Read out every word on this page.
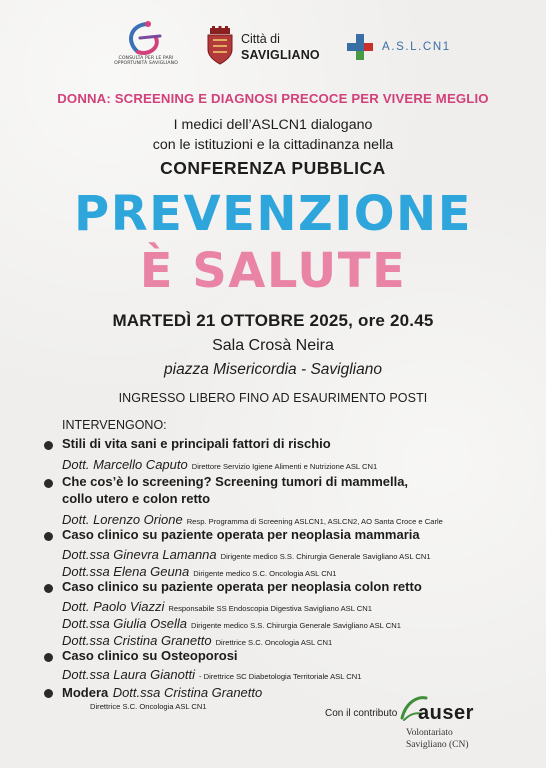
CONSULTA PER LE PARI OPPORTUNITÀ SAVIGLIANO
Città di
SAVIGLIANO
A.S.L.CN1
DONNA: SCREENING E DIAGNOSI PRECOCE PER VIVERE MEGLIO
I medici dell’ASLCN1 dialogano
con le istituzioni e la cittadinanza nella
CONFERENZA PUBBLICA
PREVENZIONE
È SALUTE
MARTEDÌ 21 OTTOBRE 2025, ore 20.45
Sala Crosà Neira
piazza Misericordia - Savigliano
INGRESSO LIBERO FINO AD ESAURIMENTO POSTI
INTERVENGONO:
Stili di vita sani e principali fattori di rischio
Dott. Marcello Caputo Direttore Servizio Igiene Alimenti e Nutrizione ASL CN1
Che cos’è lo screening? Screening tumori di mammella,
collo utero e colon retto
Dott. Lorenzo Orione Resp. Programma di Screening ASLCN1, ASLCN2, AO Santa Croce e Carle
Caso clinico su paziente operata per neoplasia mammaria
Dott.ssa Ginevra Lamanna Dirigente medico S.S. Chirurgia Generale Savigliano ASL CN1
Dott.ssa Elena Geuna Dirigente medico S.C. Oncologia ASL CN1
Caso clinico su paziente operata per neoplasia colon retto
Dott. Paolo Viazzi Responsabile SS Endoscopia Digestiva Savigliano ASL CN1
Dott.ssa Giulia Osella Dirigente medico S.S. Chirurgia Generale Savigliano ASL CN1
Dott.ssa Cristina Granetto Direttrice S.C. Oncologia ASL CN1
Caso clinico su Osteoporosi
Dott.ssa Laura Gianotti - Direttrice SC Diabetologia Territoriale ASL CN1
Modera Dott.ssa Cristina Granetto
Direttrice S.C. Oncologia ASL CN1
Con il contributo auser
Volontariato
Savigliano (CN)
